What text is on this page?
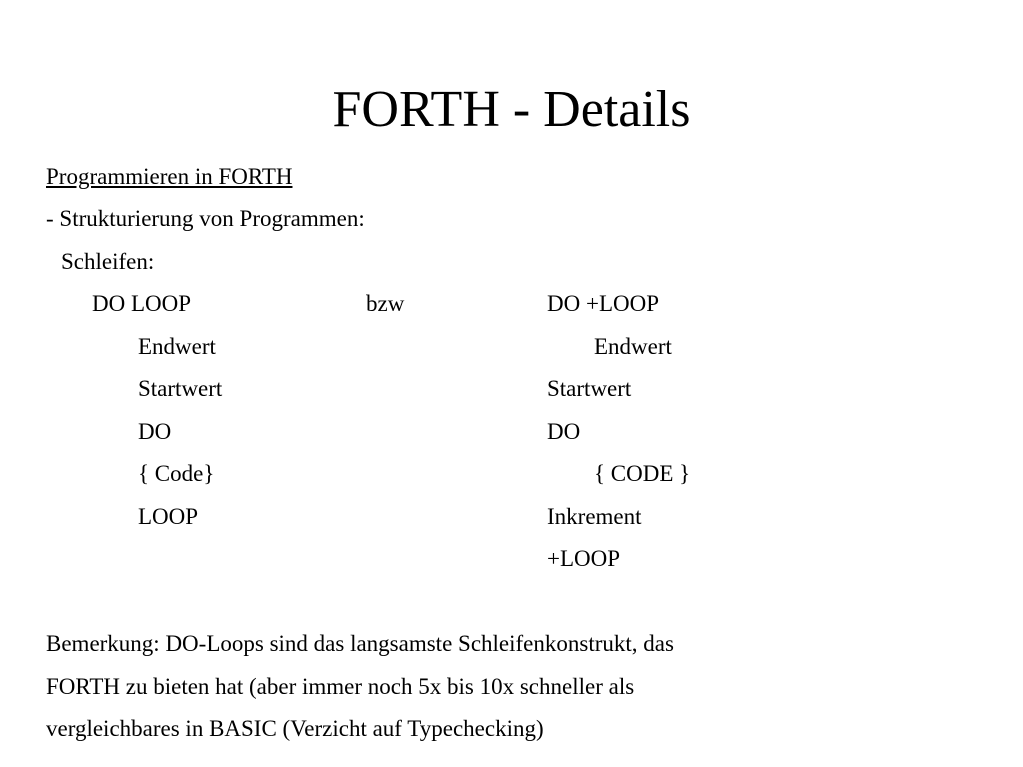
FORTH - Details
Programmieren in FORTH
- Strukturierung von Programmen:
Schleifen:
DO LOOP
Endwert
Startwert
DO
{ Code}
LOOP
bzw	DO +LOOP
Endwert
Startwert
DO
{ CODE }
Inkrement
+LOOP
Bemerkung: DO-Loops sind das langsamste Schleifenkonstrukt, das
FORTH zu bieten hat (aber immer noch 5x bis 10x schneller als
vergleichbares in BASIC (Verzicht auf Typechecking)
